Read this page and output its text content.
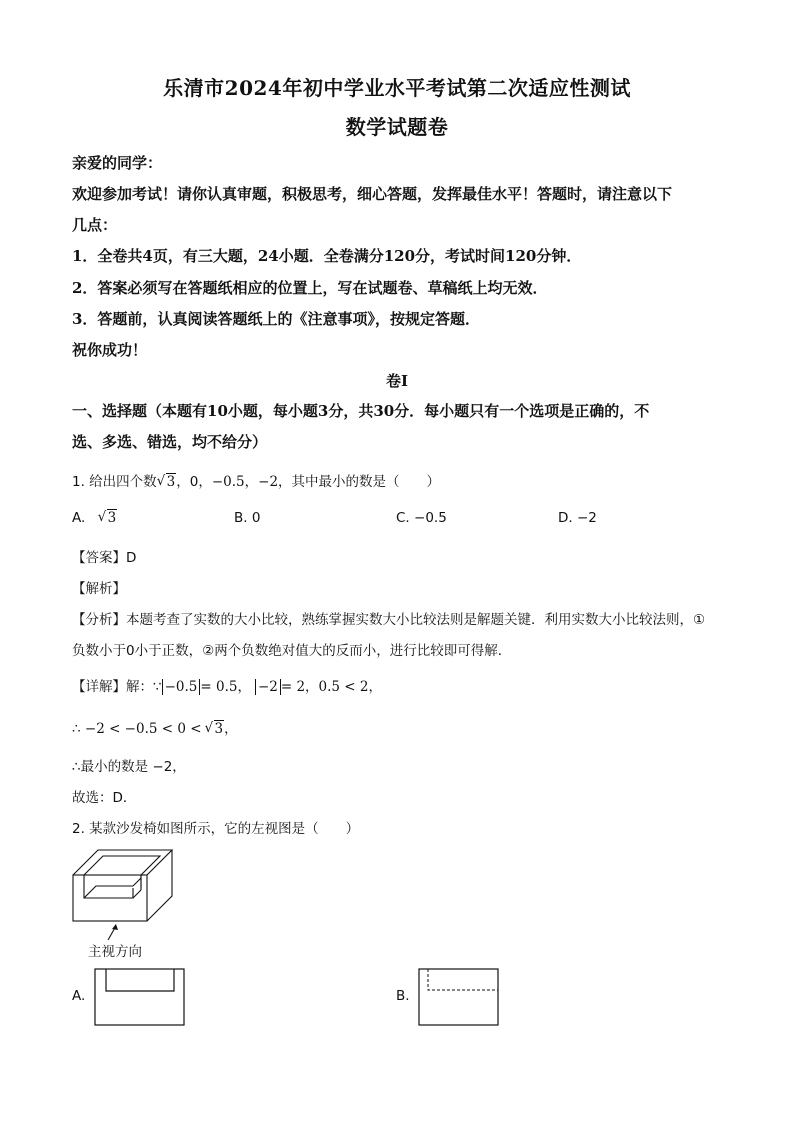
乐清市2024年初中学业水平考试第二次适应性测试
数学试题卷
亲爱的同学：
欢迎参加考试！请你认真审题，积极思考，细心答题，发挥最佳水平！答题时，请注意以下
几点：
1．全卷共4页，有三大题，24小题．全卷满分120分，考试时间120分钟．
2．答案必须写在答题纸相应的位置上，写在试题卷、草稿纸上均无效．
3．答题前，认真阅读答题纸上的《注意事项》，按规定答题．
祝你成功！
卷Ⅰ
一、选择题（本题有10小题，每小题3分，共30分．每小题只有一个选项是正确的，不
选、多选、错选，均不给分）
1. 给出四个数 √ 3，0，−0.5，−2，其中最小的数是（　　）
A. √ 3	B. 0	C. −0.5	D. −2
【答案】D
【解析】
【分析】本题考查了实数的大小比较，熟练掌握实数大小比较法则是解题关键．利用实数大小比较法则，①
负数小于0小于正数，②两个负数绝对值大的反而小，进行比较即可得解．
【详解】解：∵ −0.5 = 0.5， −2 = 2，0.5 < 2，
∴ −2 < −0.5 < 0 < √ 3，
∴最小的数是 −2，
故选：D．
2. 某款沙发椅如图所示，它的左视图是（　　）
主视方向
A.	B.
